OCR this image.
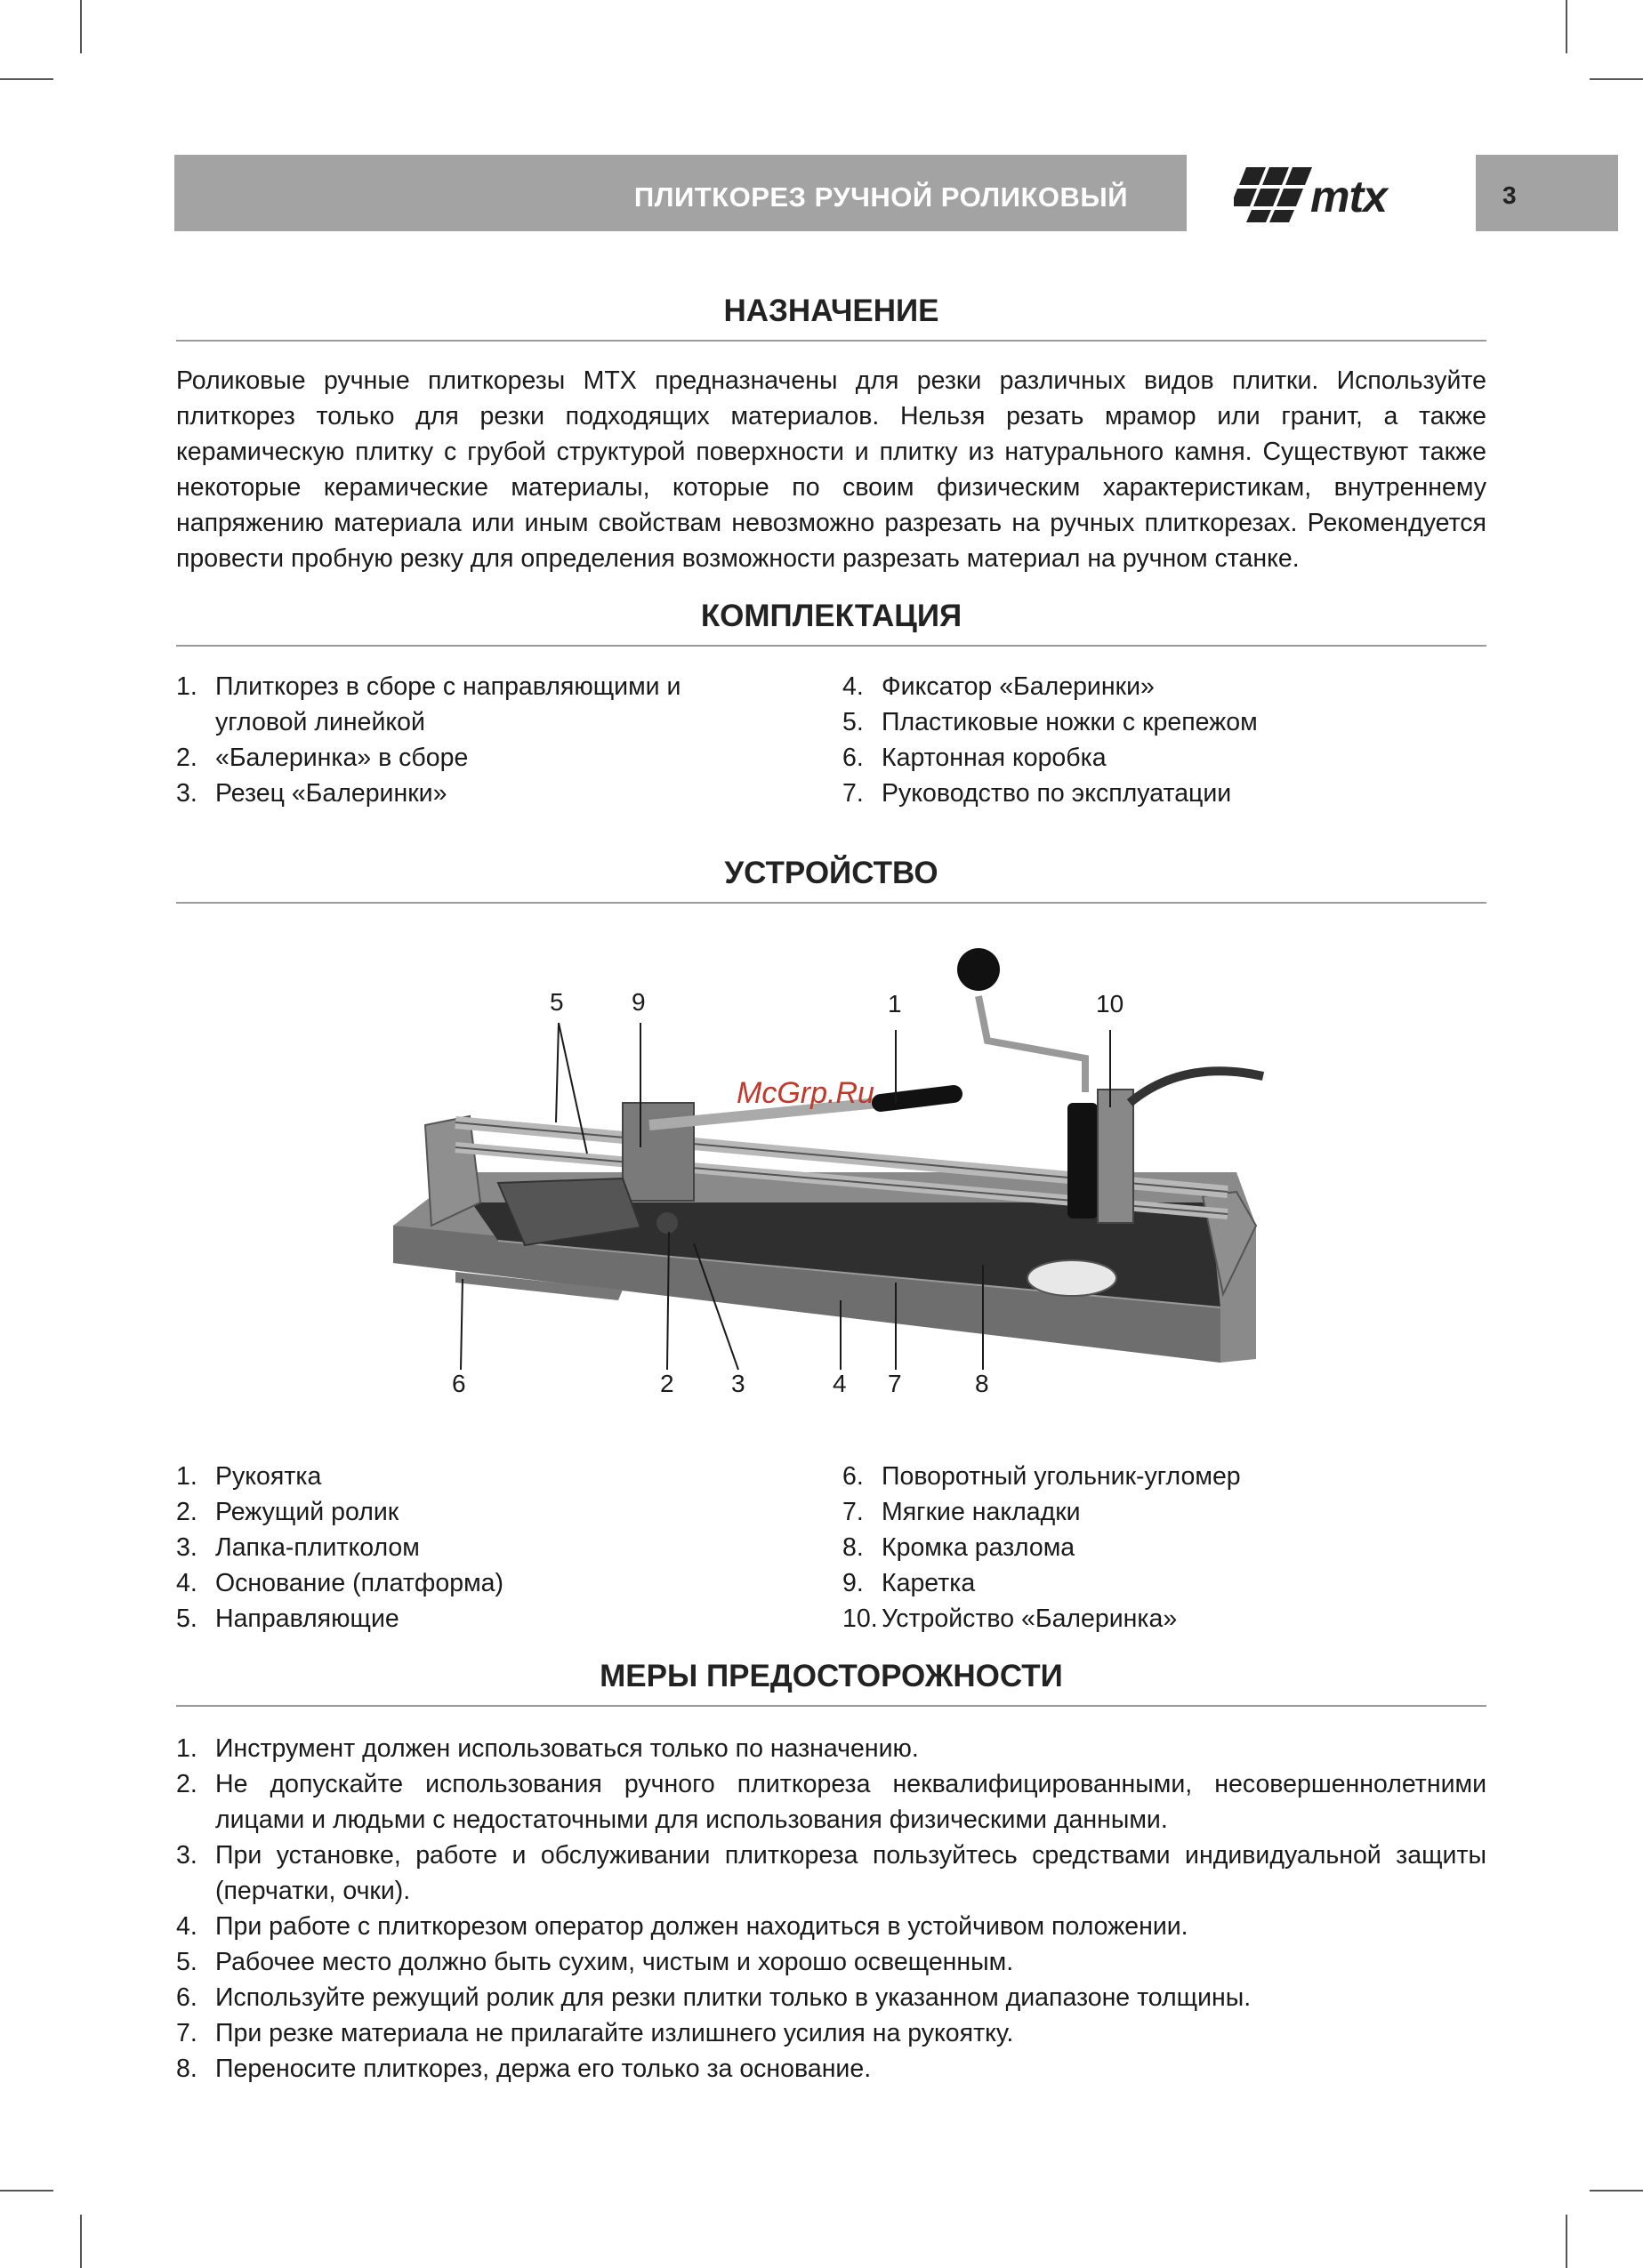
ПЛИТКОРЕЗ РУЧНОЙ РОЛИКОВЫЙ	mtx	3
НАЗНАЧЕНИЕ
Роликовые ручные плиткорезы MTX предназначены для резки различных видов плитки. Используйте плиткорез только для резки подходящих материалов. Нельзя резать мрамор или гранит, а также керамическую плитку с грубой структурой поверхности и плитку из натурального камня. Существуют также некоторые керамические материалы, которые по своим физическим характеристикам, внутреннему напряжению материала или иным свойствам невозможно разрезать на ручных плиткорезах. Рекомендуется провести пробную резку для определения возможности разрезать материал на ручном станке.
КОМПЛЕКТАЦИЯ
1. Плиткорез в сборе с направляющими и угловой линейкой
2. «Балеринка» в сборе
3. Резец «Балеринки»
4. Фиксатор «Балеринки»
5. Пластиковые ножки с крепежом
6. Картонная коробка
7. Руководство по эксплуатации
УСТРОЙСТВО
5	9	1	10
6	2 3	4 7	8
McGrp.Ru
1. Рукоятка
2. Режущий ролик
3. Лапка-плитколом
4. Основание (платформа)
5. Направляющие
6. Поворотный угольник-угломер
7. Мягкие накладки
8. Кромка разлома
9. Каретка
10. Устройство «Балеринка»
МЕРЫ ПРЕДОСТОРОЖНОСТИ
1. Инструмент должен использоваться только по назначению.
2. Не допускайте использования ручного плиткореза неквалифицированными, несовершеннолетними лицами и людьми с недостаточными для использования физическими данными.
3. При установке, работе и обслуживании плиткореза пользуйтесь средствами индивидуальной защиты (перчатки, очки).
4. При работе с плиткорезом оператор должен находиться в устойчивом положении.
5. Рабочее место должно быть сухим, чистым и хорошо освещенным.
6. Используйте режущий ролик для резки плитки только в указанном диапазоне толщины.
7. При резке материала не прилагайте излишнего усилия на рукоятку.
8. Переносите плиткорез, держа его только за основание.
